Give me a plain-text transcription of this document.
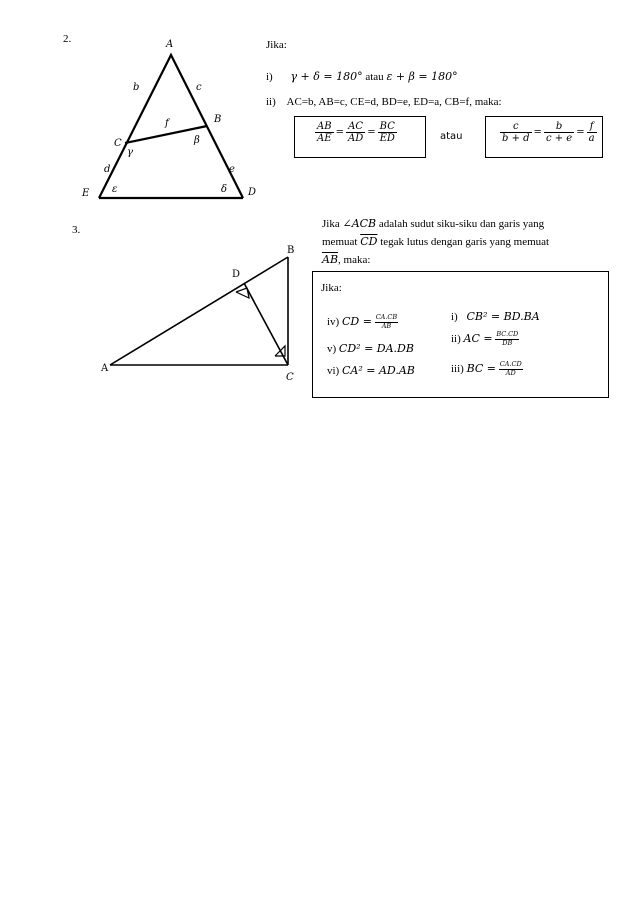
2.	A
B
C
D
E
b	c
d	e
f
γ
β
ε	δ
Jika:
i) γ + δ = 180° atau ε + β = 180°
ii) AC=b, AB=c, CE=d, BD=e, ED=a, CB=f, maka:
$\frac{AB}{AE} = \frac{AC}{AD} = \frac{BC}{ED}$	atau	$\frac{c}{b + d} = \frac{b}{c + e} = \frac{f}{a}$
3.
A
B
C
D
Jika ∠ACB adalah sudut siku-siku dan garis yang
memuat $\overline{CD}$ tegak lutus dengan garis yang memuat
$\overline{AB}$, maka:
Jika:
iv) CD = $\frac{CA.CB}{AB}$
v) CD² = DA.DB
vi) CA² = AD.AB
i) CB² = BD.BA
ii) AC = $\frac{BC.CD}{DB}$
iii) BC = $\frac{CA.CD}{AD}$
